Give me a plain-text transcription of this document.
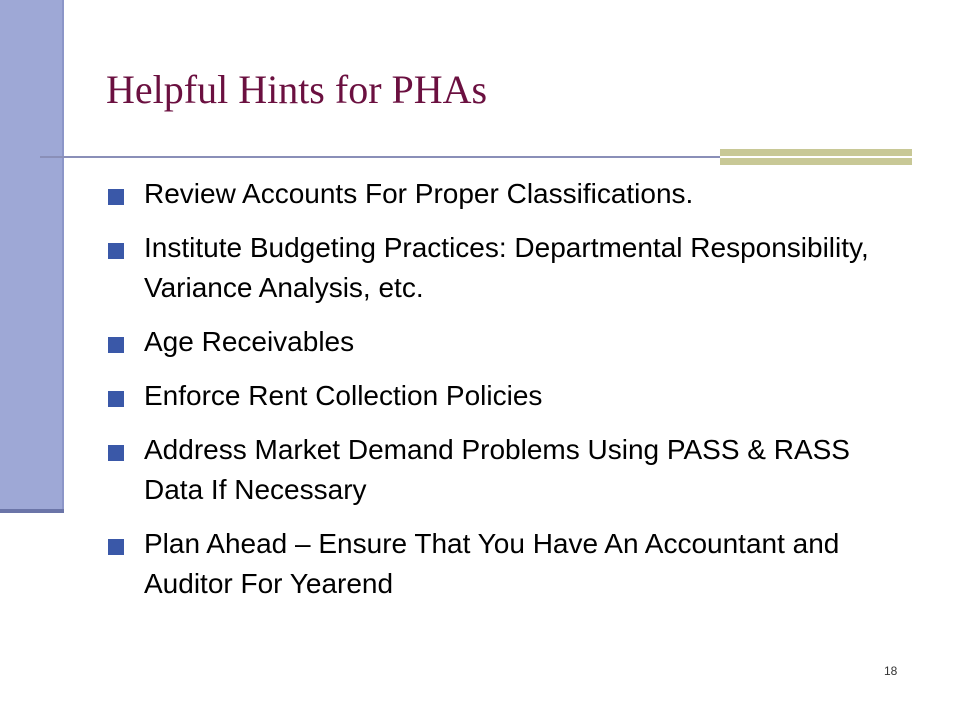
Helpful Hints for PHAs
Review Accounts For Proper Classifications.
Institute Budgeting Practices: Departmental Responsibility, Variance Analysis, etc.
Age Receivables
Enforce Rent Collection Policies
Address Market Demand Problems Using PASS & RASS Data If Necessary
Plan Ahead – Ensure That You Have An Accountant and Auditor For Yearend
18
